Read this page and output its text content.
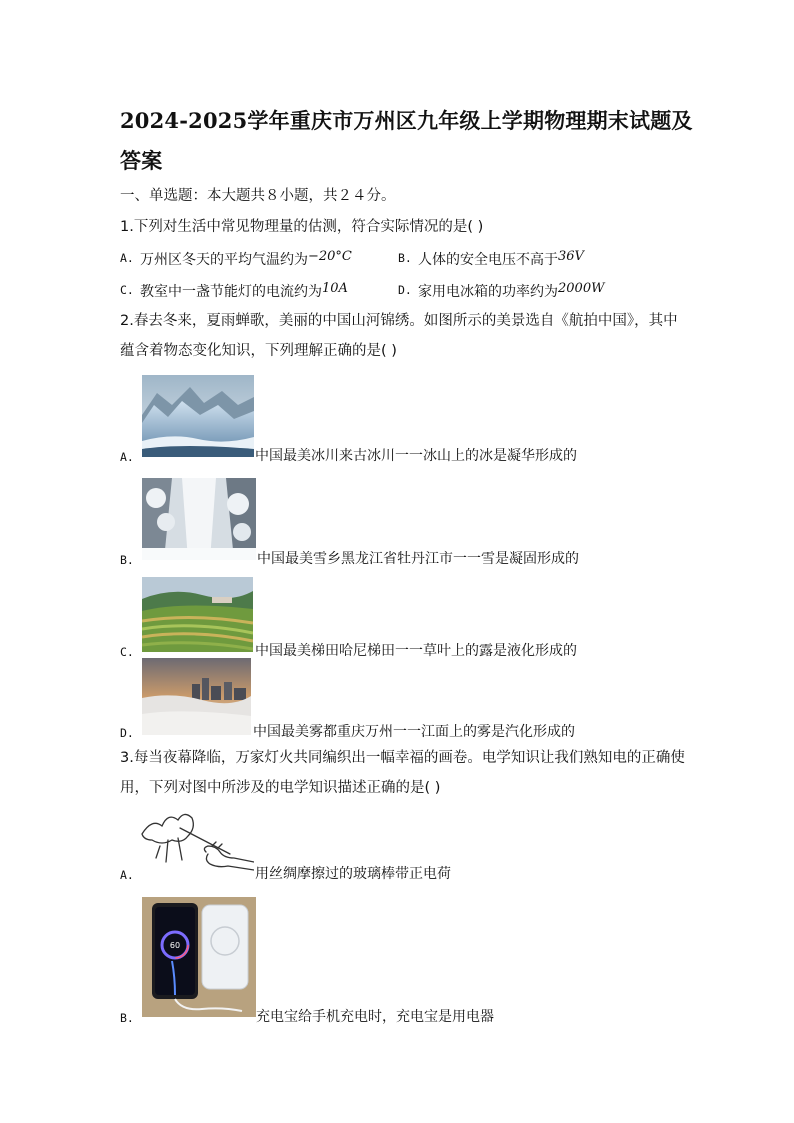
2024-2025学年重庆市万州区九年级上学期物理期末试题及答案
一、单选题：本大题共８小题，共２４分。
1.下列对生活中常见物理量的估测，符合实际情况的是( )
A. 万州区冬天的平均气温约为−20°C	B. 人体的安全电压不高于36V
C. 教室中一盏节能灯的电流约为10A	D. 家用电冰箱的功率约为2000W
2.春去冬来，夏雨蝉歌，美丽的中国山河锦绣。如图所示的美景选自《航拍中国》，其中
蕴含着物态变化知识，下列理解正确的是( )
A.	中国最美冰川来古冰川一一冰山上的冰是凝华形成的
B.	中国最美雪乡黑龙江省牡丹江市一一雪是凝固形成的
C.	中国最美梯田哈尼梯田一一草叶上的露是液化形成的
D.	中国最美雾都重庆万州一一江面上的雾是汽化形成的
3.每当夜幕降临，万家灯火共同编织出一幅幸福的画卷。电学知识让我们熟知电的正确使
用，下列对图中所涉及的电学知识描述正确的是( )
A.	用丝绸摩擦过的玻璃棒带正电荷
60
B.	充电宝给手机充电时，充电宝是用电器
